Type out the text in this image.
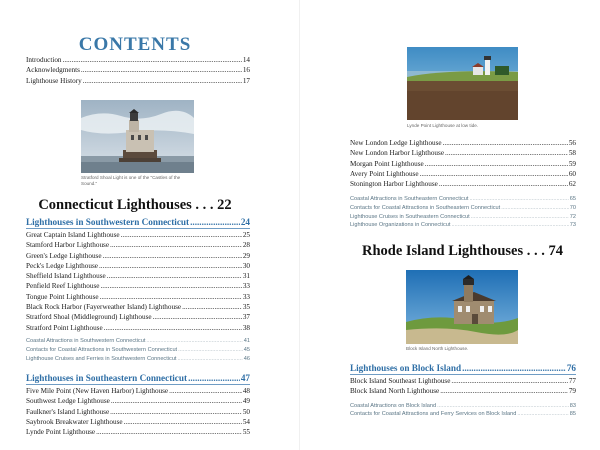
CONTENTS
Introduction .....	14
Acknowledgments .....	16
Lighthouse History .....	17
Stratford Shoal Light is one of the "Castles of the Sound."
Connecticut Lighthouses . . . 22
Lighthouses in Southwestern Connecticut .....	24
Great Captain Island Lighthouse .....	25
Stamford Harbor Lighthouse .....	28
Green's Ledge Lighthouse .....	29
Peck's Ledge Lighthouse .....	30
Sheffield Island Lighthouse .....	31
Penfield Reef Lighthouse .....	33
Tongue Point Lighthouse .....	33
Black Rock Harbor (Fayerweather Island) Lighthouse .....	35
Stratford Shoal (Middleground) Lighthouse .....	37
Stratford Point Lighthouse .....	38
Coastal Attractions in Southwestern Connecticut .....	41
Contacts for Coastal Attractions in Southwestern Connecticut .....	45
Lighthouse Cruises and Ferries in Southwestern Connecticut .....	46
Lighthouses in Southeastern Connecticut .....	47
Five Mile Point (New Haven Harbor) Lighthouse .....	48
Southwest Ledge Lighthouse .....	49
Faulkner's Island Lighthouse .....	50
Saybrook Breakwater Lighthouse .....	54
Lynde Point Lighthouse .....	55
Lynde Point Lighthouse at low tide.
New London Ledge Lighthouse .....	56
New London Harbor Lighthouse .....	58
Morgan Point Lighthouse .....	59
Avery Point Lighthouse .....	60
Stonington Harbor Lighthouse .....	62
Coastal Attractions in Southeastern Connecticut .....	65
Contacts for Coastal Attractions in Southeastern Connecticut .....	70
Lighthouse Cruises in Southeastern Connecticut .....	72
Lighthouse Organizations in Connecticut .....	73
Rhode Island Lighthouses . . . 74
Block Island North Lighthouse.
Lighthouses on Block Island .....	76
Block Island Southeast Lighthouse .....	77
Block Island North Lighthouse .....	79
Coastal Attractions on Block Island .....	83
Contacts for Coastal Attractions and Ferry Services on Block Island .....	85
